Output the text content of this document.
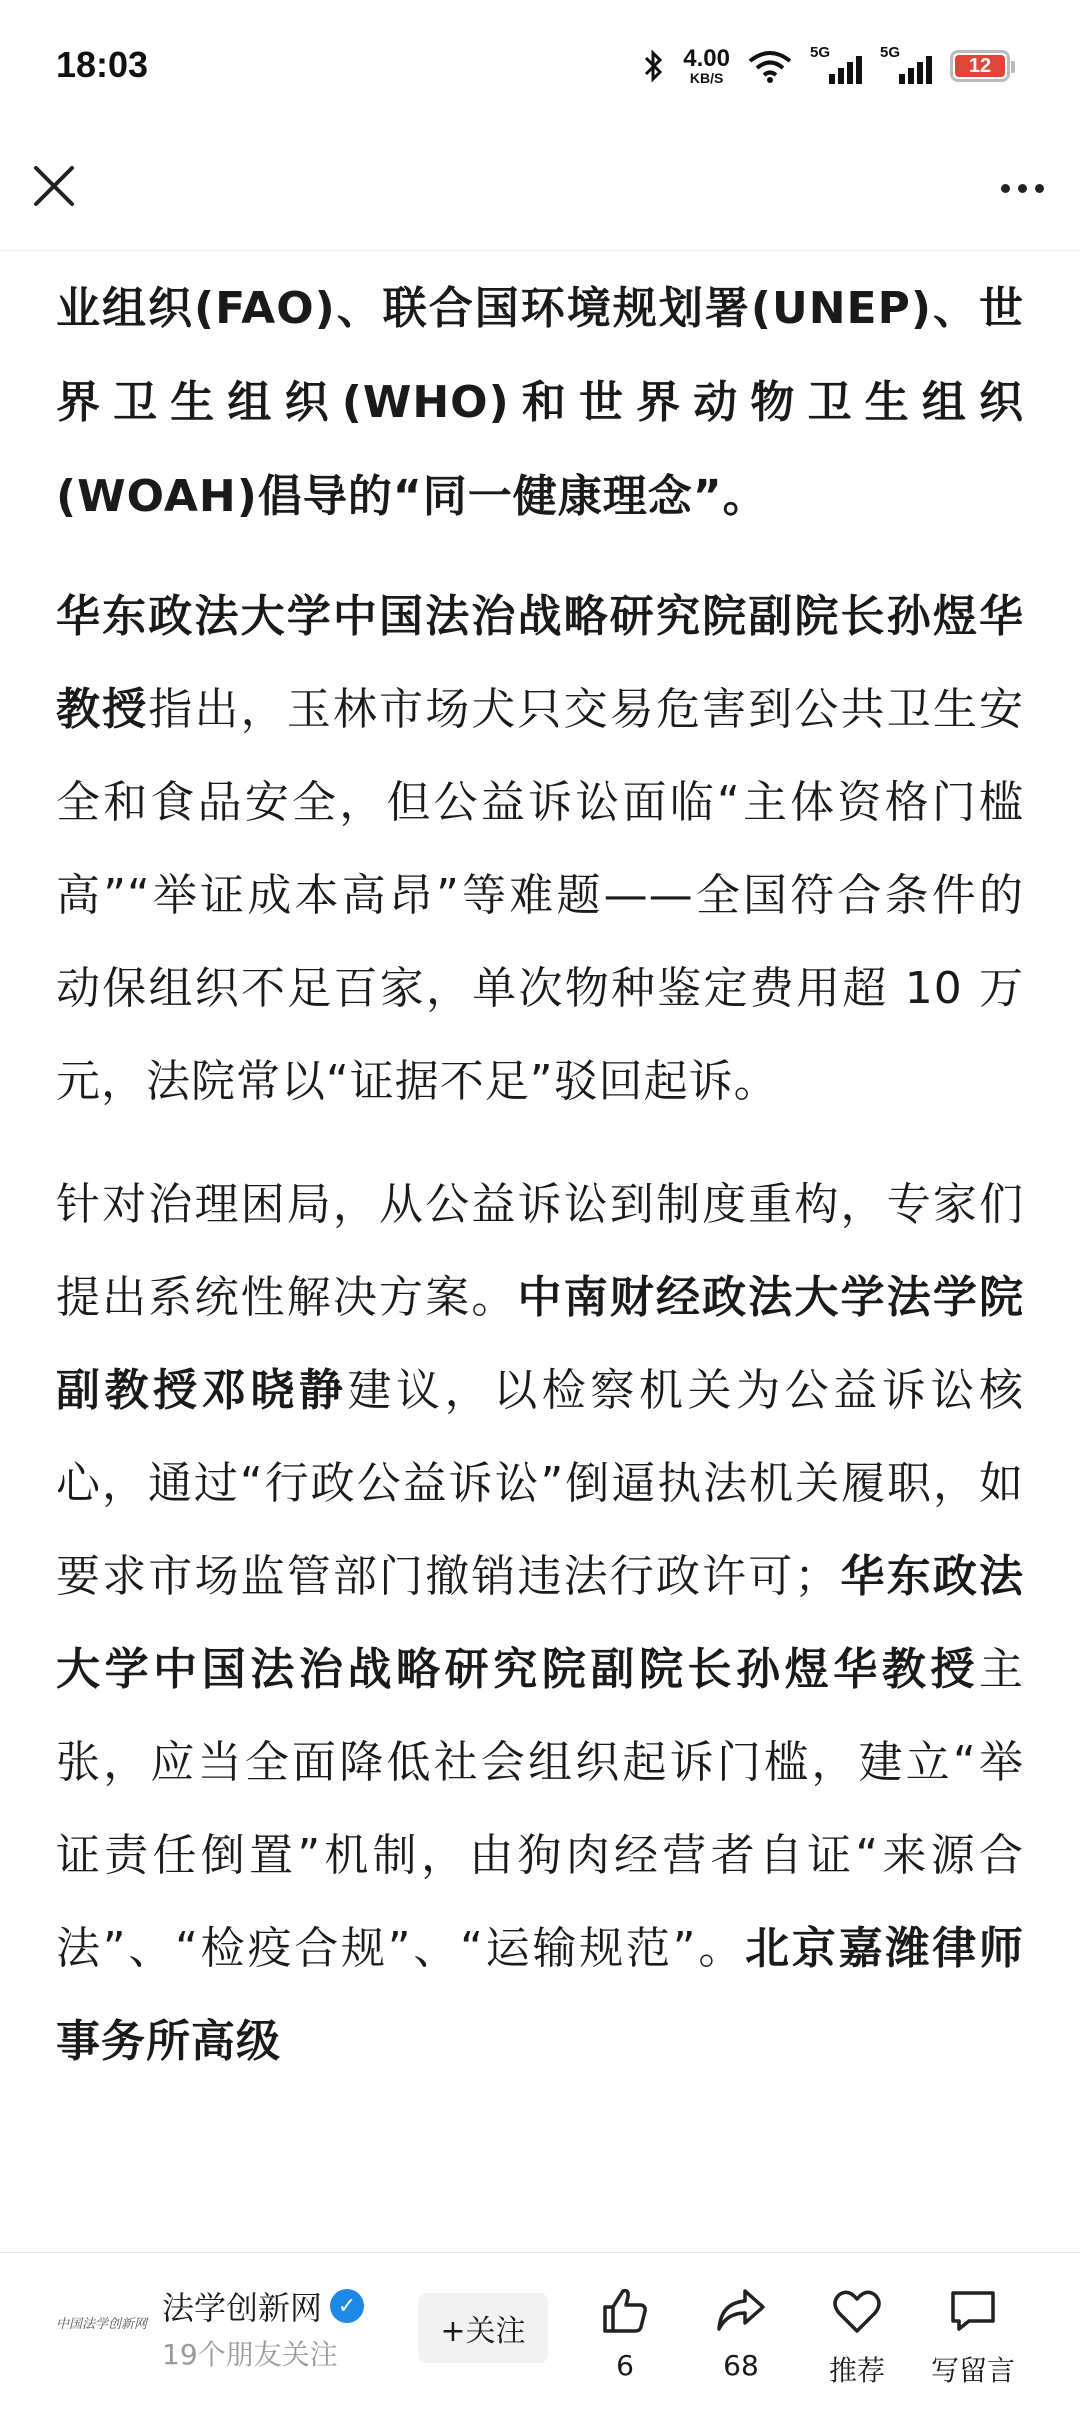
18:03	4.00
KB/S
5G	5G
12

业组织(FAO)、联合国环境规划署(UNEP)、世界卫生组织(WHO)和世界动物卫生组织(WOAH)倡导的“同一健康理念”。

华东政法大学中国法治战略研究院副院长孙煜华教授指出，玉林市场犬只交易危害到公共卫生安全和食品安全，但公益诉讼面临“主体资格门槛高”“举证成本高昂”等难题——全国符合条件的动保组织不足百家，单次物种鉴定费用超 10 万元，法院常以“证据不足”驳回起诉。

针对治理困局，从公益诉讼到制度重构，专家们提出系统性解决方案。中南财经政法大学法学院副教授邓晓静建议，以检察机关为公益诉讼核心，通过“行政公益诉讼”倒逼执法机关履职，如要求市场监管部门撤销违法行政许可；华东政法大学中国法治战略研究院副院长孙煜华教授主张，应当全面降低社会组织起诉门槛，建立“举证责任倒置”机制，由狗肉经营者自证“来源合法”、“检疫合规”、“运输规范”。北京嘉潍律师事务所高级

中国法学创新网 法学创新网 ✓
19个朋友关注
+关注
6	68	推荐 写留言
